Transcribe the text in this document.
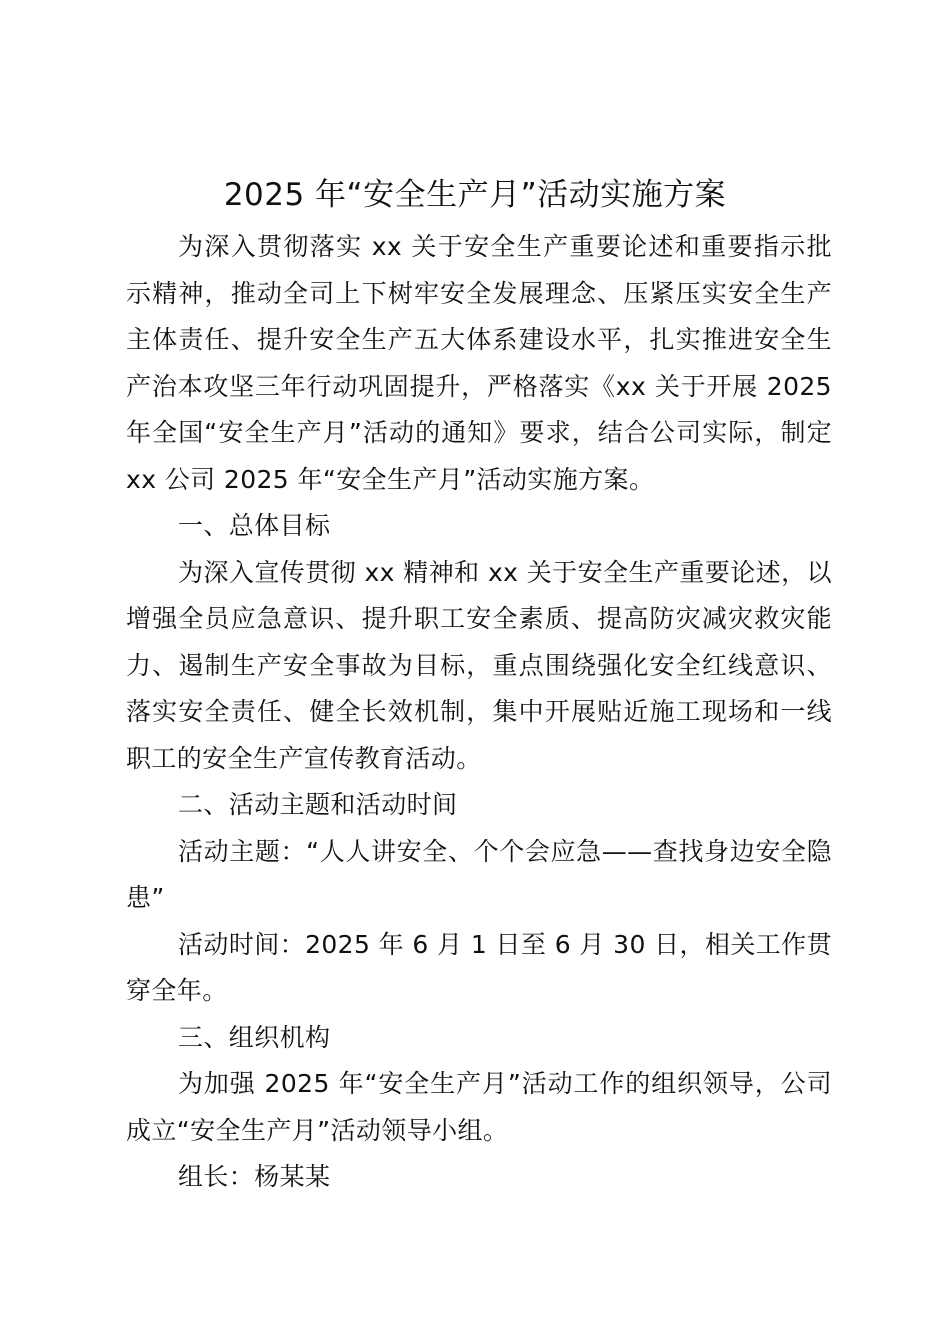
2025 年“安全生产月”活动实施方案

为深入贯彻落实 xx 关于安全生产重要论述和重要指示批示精神，推动全司上下树牢安全发展理念、压紧压实安全生产主体责任、提升安全生产五大体系建设水平，扎实推进安全生产治本攻坚三年行动巩固提升，严格落实《xx 关于开展 2025 年全国“安全生产月”活动的通知》要求，结合公司实际，制定 xx 公司 2025 年“安全生产月”活动实施方案。

一、总体目标

为深入宣传贯彻 xx 精神和 xx 关于安全生产重要论述，以增强全员应急意识、提升职工安全素质、提高防灾减灾救灾能力、遏制生产安全事故为目标，重点围绕强化安全红线意识、落实安全责任、健全长效机制，集中开展贴近施工现场和一线职工的安全生产宣传教育活动。

二、活动主题和活动时间

活动主题：“人人讲安全、个个会应急——查找身边安全隐患”

活动时间：2025 年 6 月 1 日至 6 月 30 日，相关工作贯穿全年。

三、组织机构

为加强 2025 年“安全生产月”活动工作的组织领导，公司成立“安全生产月”活动领导小组。

组长：杨某某
